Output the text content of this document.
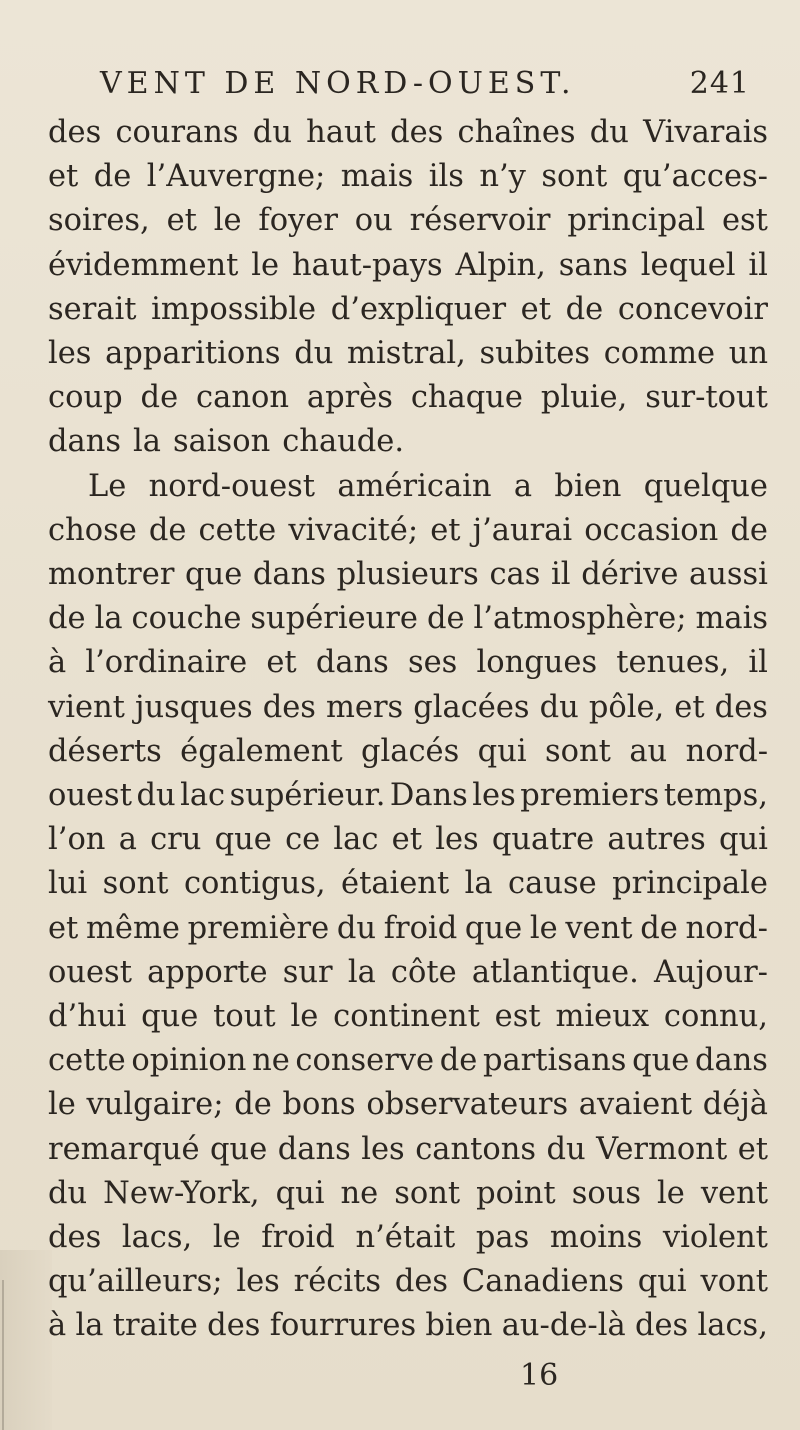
VENT DE NORD-OUEST.	241
des courans du haut des chaînes du Vivarais
et de l’Auvergne; mais ils n’y sont qu’acces-
soires, et le foyer ou réservoir principal est
évidemment le haut-pays Alpin, sans lequel il
serait impossible d’expliquer et de concevoir
les apparitions du mistral, subites comme un
coup de canon après chaque pluie, sur-tout
dans la saison chaude.
Le nord-ouest américain a bien quelque
chose de cette vivacité; et j’aurai occasion de
montrer que dans plusieurs cas il dérive aussi
de la couche supérieure de l’atmosphère; mais
à l’ordinaire et dans ses longues tenues, il
vient jusques des mers glacées du pôle, et des
déserts également glacés qui sont au nord-
ouest du lac supérieur. Dans les premiers temps,
l’on a cru que ce lac et les quatre autres qui
lui sont contigus, étaient la cause principale
et même première du froid que le vent de nord-
ouest apporte sur la côte atlantique. Aujour-
d’hui que tout le continent est mieux connu,
cette opinion ne conserve de partisans que dans
le vulgaire; de bons observateurs avaient déjà
remarqué que dans les cantons du Vermont et
du New-York, qui ne sont point sous le vent
des lacs, le froid n’était pas moins violent
qu’ailleurs; les récits des Canadiens qui vont
à la traite des fourrures bien au-de-là des lacs,
16
